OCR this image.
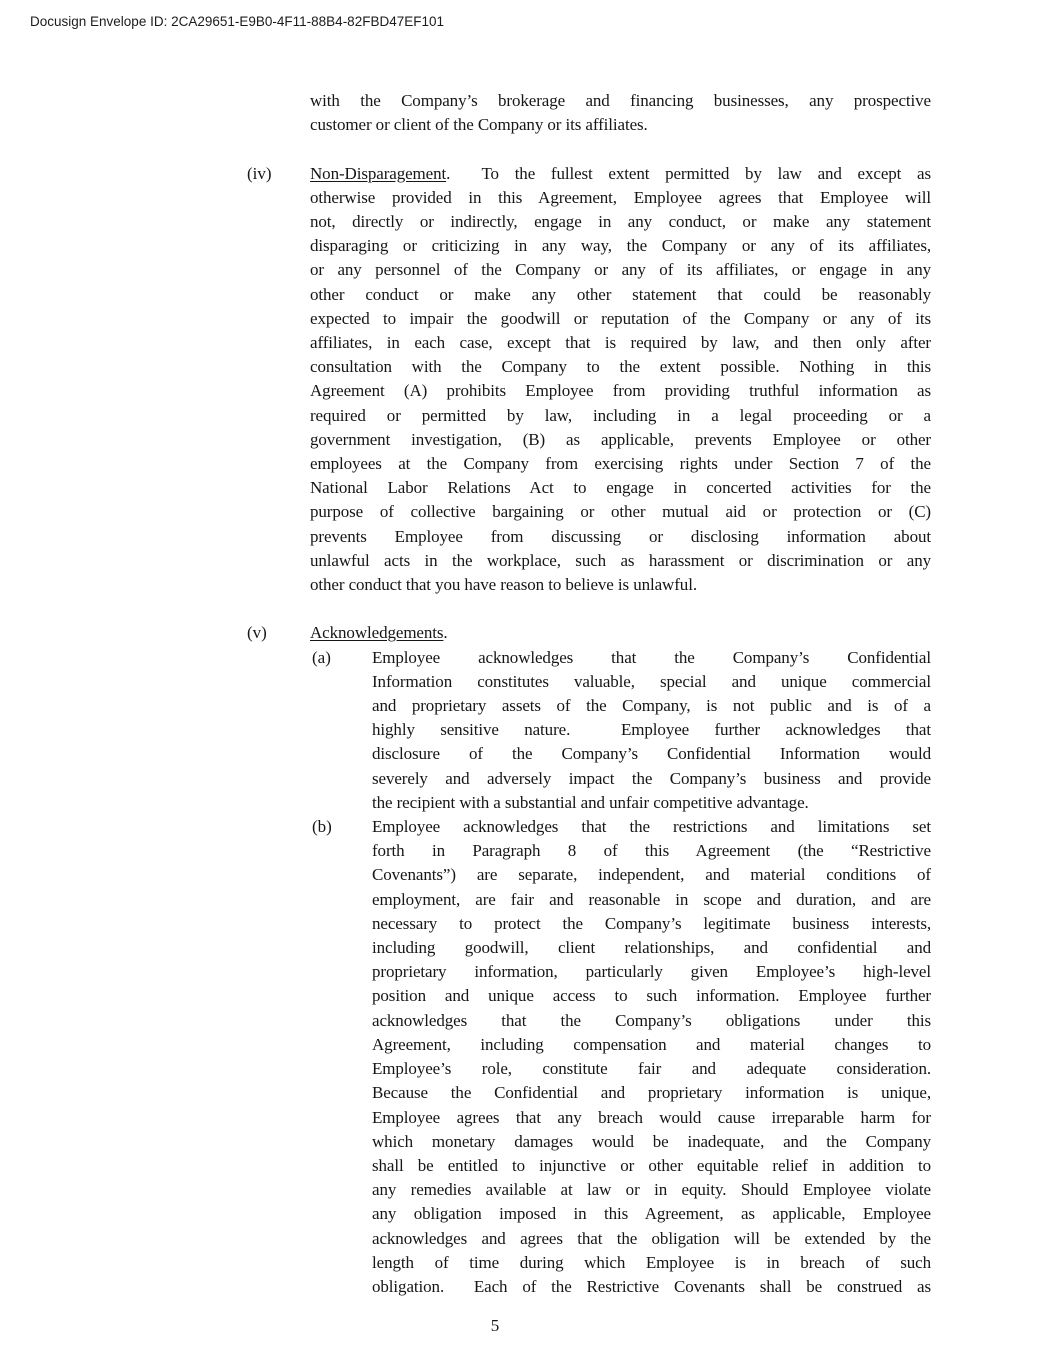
Docusign Envelope ID: 2CA29651-E9B0-4F11-88B4-82FBD47EF101
with the Company’s brokerage and financing businesses, any prospective
customer or client of the Company or its affiliates.
(iv)	Non-Disparagement.  To the fullest extent permitted by law and except as
otherwise provided in this Agreement, Employee agrees that Employee will
not, directly or indirectly, engage in any conduct, or make any statement
disparaging or criticizing in any way, the Company or any of its affiliates,
or any personnel of the Company or any of its affiliates, or engage in any
other conduct or make any other statement that could be reasonably
expected to impair the goodwill or reputation of the Company or any of its
affiliates, in each case, except that is required by law, and then only after
consultation with the Company to the extent possible. Nothing in this
Agreement (A) prohibits Employee from providing truthful information as
required or permitted by law, including in a legal proceeding or a
government investigation, (B) as applicable, prevents Employee or other
employees at the Company from exercising rights under Section 7 of the
National Labor Relations Act to engage in concerted activities for the
purpose of collective bargaining or other mutual aid or protection or (C)
prevents Employee from discussing or disclosing information about
unlawful acts in the workplace, such as harassment or discrimination or any
other conduct that you have reason to believe is unlawful.
(v)	Acknowledgements.
(a)	Employee acknowledges that the Company’s Confidential
Information constitutes valuable, special and unique commercial
and proprietary assets of the Company, is not public and is of a
highly sensitive nature.  Employee further acknowledges that
disclosure of the Company’s Confidential Information would
severely and adversely impact the Company’s business and provide
the recipient with a substantial and unfair competitive advantage.
(b)	Employee acknowledges that the restrictions and limitations set
forth in Paragraph 8 of this Agreement (the “Restrictive
Covenants”) are separate, independent, and material conditions of
employment, are fair and reasonable in scope and duration, and are
necessary to protect the Company’s legitimate business interests,
including goodwill, client relationships, and confidential and
proprietary information, particularly given Employee’s high-level
position and unique access to such information. Employee further
acknowledges that the Company’s obligations under this
Agreement, including compensation and material changes to
Employee’s role, constitute fair and adequate consideration.
Because the Confidential and proprietary information is unique,
Employee agrees that any breach would cause irreparable harm for
which monetary damages would be inadequate, and the Company
shall be entitled to injunctive or other equitable relief in addition to
any remedies available at law or in equity. Should Employee violate
any obligation imposed in this Agreement, as applicable, Employee
acknowledges and agrees that the obligation will be extended by the
length of time during which Employee is in breach of such
obligation.  Each of the Restrictive Covenants shall be construed as
5
